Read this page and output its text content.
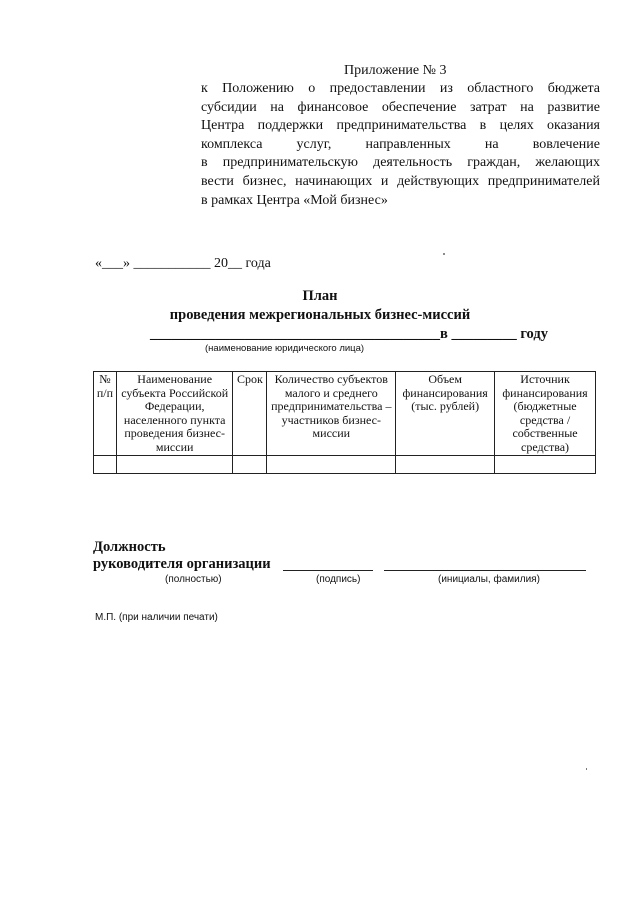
Приложение № 3
к Положению о предоставлении из областного бюджета
субсидии на финансовое обеспечение затрат на развитие
Центра поддержки предпринимательства в целях оказания
комплекса услуг, направленных на вовлечение
в предпринимательскую деятельность граждан, желающих
вести бизнес, начинающих и действующих предпринимателей
в рамках Центра «Мой бизнес»
«___» ___________ 20__ года
План
проведения межрегиональных бизнес-миссий
________________________________________в _________ году
(наименование юридического лица)
№ п/п	Наименование субъекта Российской Федерации, населенного пункта проведения бизнес-миссии	Срок	Количество субъектов малого и среднего предпринимательства – участников бизнес-миссии	Объем финансирования (тыс. рублей)	Источник финансирования (бюджетные средства / собственные средства)

Должность
руководителя организации
(полностью)	(подпись)	(инициалы, фамилия)
М.П. (при наличии печати)
